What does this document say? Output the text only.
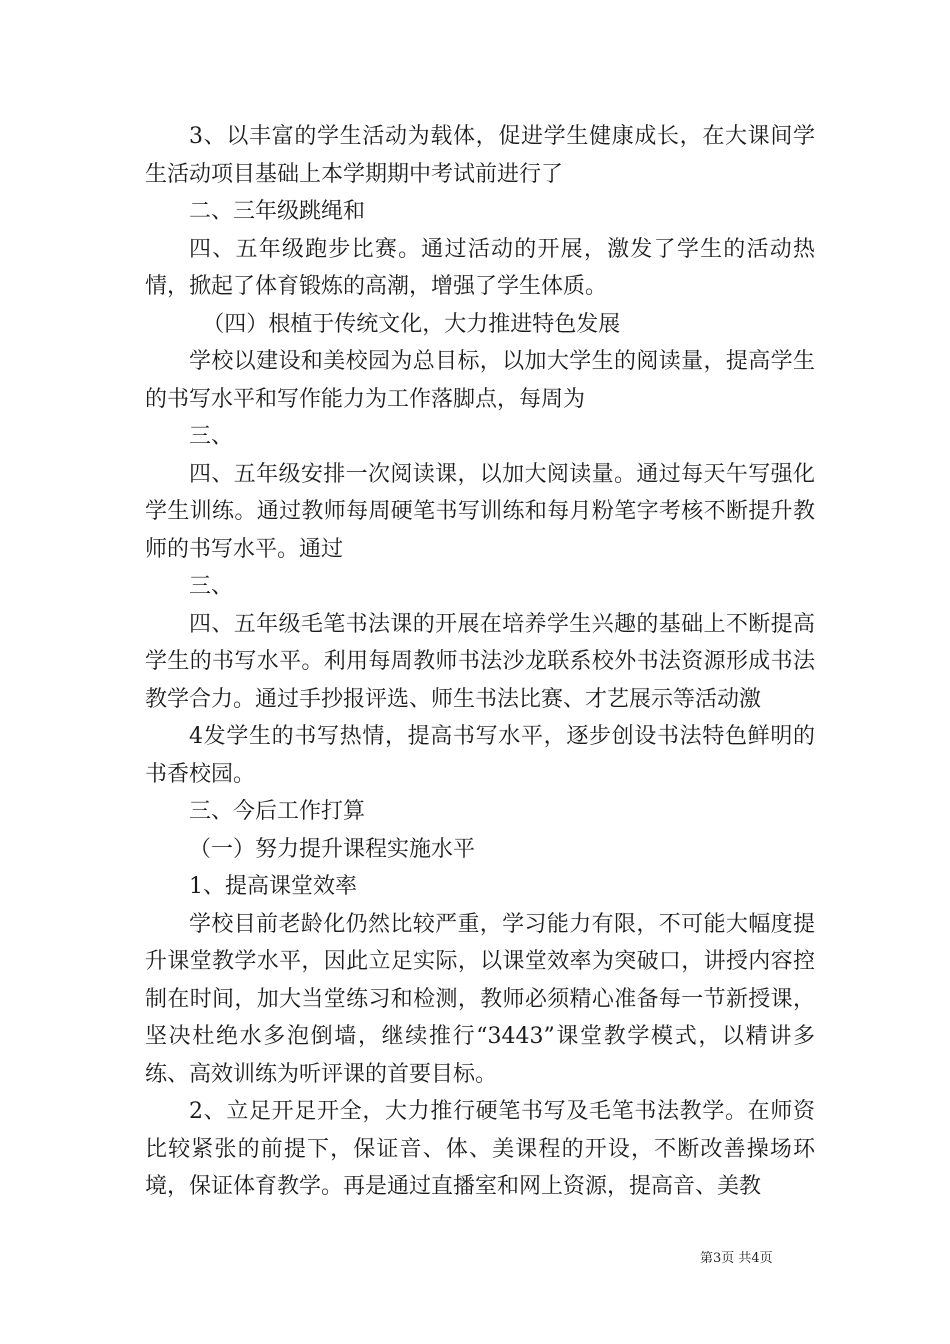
3、以丰富的学生活动为载体，促进学生健康成长，在大课间学生活动项目基础上本学期期中考试前进行了

二、三年级跳绳和

四、五年级跑步比赛。通过活动的开展，激发了学生的活动热情，掀起了体育锻炼的高潮，增强了学生体质。

（四）根植于传统文化，大力推进特色发展

学校以建设和美校园为总目标，以加大学生的阅读量，提高学生的书写水平和写作能力为工作落脚点，每周为

三、

四、五年级安排一次阅读课，以加大阅读量。通过每天午写强化学生训练。通过教师每周硬笔书写训练和每月粉笔字考核不断提升教师的书写水平。通过

三、

四、五年级毛笔书法课的开展在培养学生兴趣的基础上不断提高学生的书写水平。利用每周教师书法沙龙联系校外书法资源形成书法教学合力。通过手抄报评选、师生书法比赛、才艺展示等活动激

4发学生的书写热情，提高书写水平，逐步创设书法特色鲜明的书香校园。

三、今后工作打算

（一）努力提升课程实施水平

1、提高课堂效率

学校目前老龄化仍然比较严重，学习能力有限，不可能大幅度提升课堂教学水平，因此立足实际，以课堂效率为突破口，讲授内容控制在时间，加大当堂练习和检测，教师必须精心准备每一节新授课，坚决杜绝水多泡倒墙，继续推行“3443”课堂教学模式，以精讲多练、高效训练为听评课的首要目标。

2、立足开足开全，大力推行硬笔书写及毛笔书法教学。在师资比较紧张的前提下，保证音、体、美课程的开设，不断改善操场环境，保证体育教学。再是通过直播室和网上资源，提高音、美教

第3页 共4页
